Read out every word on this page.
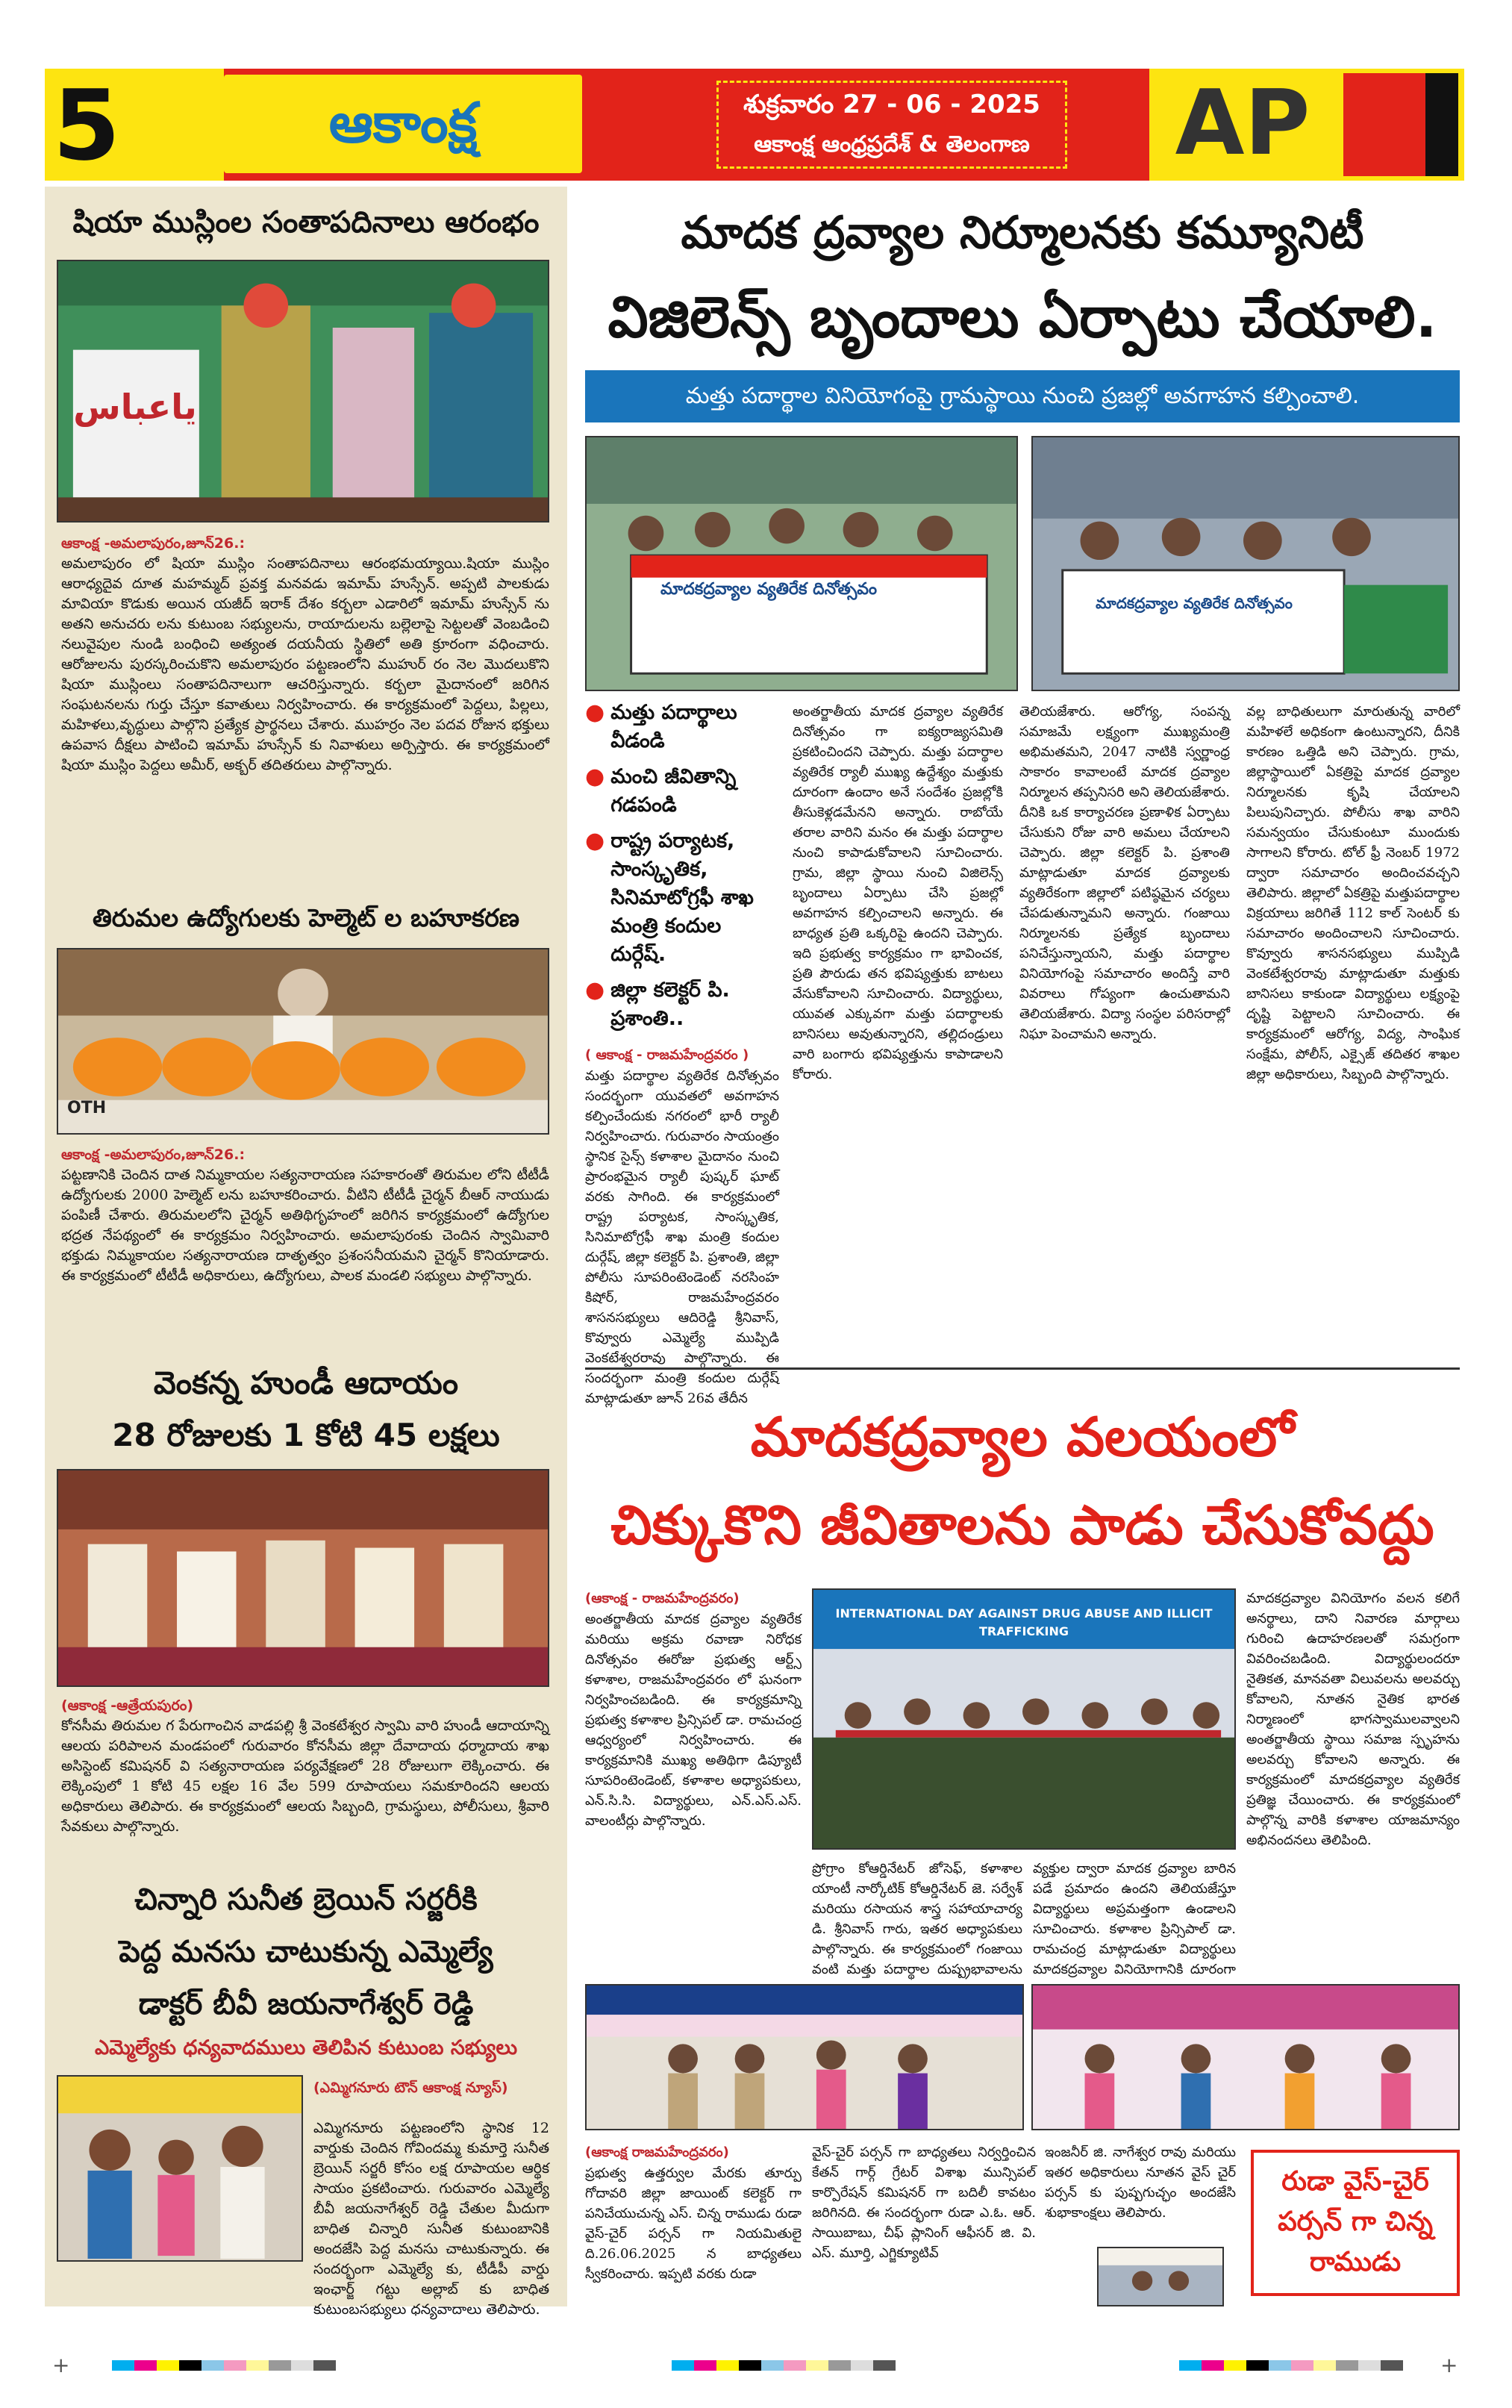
5	ఆకాంక్ష	శుక్రవారం 27 - 06 - 2025
ఆకాంక్ష ఆంధ్రప్రదేశ్ & తెలంగాణ	AP
షియా ముస్లింల సంతాపదినాలు ఆరంభం
یاعباس
ఆకాంక్ష -అమలాపురం,జూన్26.:
అమలాపురం లో షియా ముస్లిం సంతాపదినాలు ఆరంభమయ్యాయి.షియా ముస్లిం ఆరాధ్యదైవ దూత మహమ్మద్ ప్రవక్త మనవడు ఇమామ్ హుస్సేన్. అప్పటి పాలకుడు మావియా కొడుకు అయిన యజీద్ ఇరాక్ దేశం కర్బలా ఎడారిలో ఇమామ్ హుస్సేన్ ను అతని అనుచరు లను కుటుంబ సభ్యులను, రాయాదులను బల్లెలాపై సెట్టలతో వెంబడించి నలువైపుల నుండి బంధించి అత్యంత దయనీయ స్థితిలో అతి క్రూరంగా వధించారు. ఆరోజులను పురస్కరించుకొని అమలాపురం పట్టణంలోని ముహుర్ రం నెల మొదలుకొని షియా ముస్లింలు సంతాపదినాలుగా ఆచరిస్తున్నారు. కర్బలా మైదానంలో జరిగిన సంఘటనలను గుర్తు చేస్తూ కవాతులు నిర్వహించారు. ఈ కార్యక్రమంలో పెద్దలు, పిల్లలు, మహిళలు,వృద్ధులు పాల్గొని ప్రత్యేక ప్రార్థనలు చేశారు. ముహర్రం నెల పదవ రోజున భక్తులు ఉపవాస దీక్షలు పాటించి ఇమామ్ హుస్సేన్ కు నివాళులు అర్పిస్తారు. ఈ కార్యక్రమంలో షియా ముస్లిం పెద్దలు అమీర్, అక్బర్ తదితరులు పాల్గొన్నారు.
తిరుమల ఉద్యోగులకు హెల్మెట్ ల బహూకరణ
OTH
ఆకాంక్ష -అమలాపురం,జూన్26.:
పట్టణానికి చెందిన దాత నిమ్మకాయల సత్యనారాయణ సహకారంతో తిరుమల లోని టీటీడీ ఉద్యోగులకు 2000 హెల్మెట్ లను బహూకరించారు. వీటిని టీటీడీ చైర్మన్ బీఆర్ నాయుడు పంపిణీ చేశారు. తిరుమలలోని చైర్మన్ అతిథిగృహంలో జరిగిన కార్యక్రమంలో ఉద్యోగుల భద్రత నేపథ్యంలో ఈ కార్యక్రమం నిర్వహించారు. అమలాపురంకు చెందిన స్వామివారి భక్తుడు నిమ్మకాయల సత్యనారాయణ దాతృత్వం ప్రశంసనీయమని చైర్మన్ కొనియాడారు. ఈ కార్యక్రమంలో టీటీడీ అధికారులు, ఉద్యోగులు, పాలక మండలి సభ్యులు పాల్గొన్నారు.
వెంకన్న హుండీ ఆదాయం
28 రోజులకు 1 కోటి 45 లక్షలు
(ఆకాంక్ష -ఆత్రేయపురం)
కోనసీమ తిరుమల గ పేరుగాంచిన వాడపల్లి శ్రీ వెంకటేశ్వర స్వామి వారి హుండీ ఆదాయాన్ని ఆలయ పరిపాలన మండపంలో గురువారం కోనసీమ జిల్లా దేవాదాయ ధర్మాదాయ శాఖ అసిస్టెంట్ కమిషనర్ వి సత్యనారాయణ పర్యవేక్షణలో 28 రోజులుగా లెక్కించారు. ఈ లెక్కింపులో 1 కోటి 45 లక్షల 16 వేల 599 రూపాయలు సమకూరిందని ఆలయ అధికారులు తెలిపారు. ఈ కార్యక్రమంలో ఆలయ సిబ్బంది, గ్రామస్థులు, పోలీసులు, శ్రీవారి సేవకులు పాల్గొన్నారు.
చిన్నారి సునీత బ్రెయిన్ సర్జరీకి
పెద్ద మనసు చాటుకున్న ఎమ్మెల్యే
డాక్టర్ బీవీ జయనాగేశ్వర్ రెడ్డి
ఎమ్మెల్యేకు ధన్యవాదములు తెలిపిన కుటుంబ సభ్యులు
(ఎమ్మిగనూరు టౌన్ ఆకాంక్ష న్యూస్)
ఎమ్మిగనూరు పట్టణంలోని స్థానిక 12 వార్డుకు చెందిన గోవిందమ్మ కుమార్తె సునీత బ్రెయిన్ సర్జరీ కోసం లక్ష రూపాయల ఆర్థిక సాయం ప్రకటించారు. గురువారం ఎమ్మెల్యే బీవీ జయనాగేశ్వర్ రెడ్డి చేతుల మీదుగా బాధిత చిన్నారి సునీత కుటుంబానికి అందజేసి పెద్ద మనసు చాటుకున్నారు. ఈ సందర్భంగా ఎమ్మెల్యే కు, టీడీపీ వార్డు ఇంఛార్జ్ గట్టు అల్లాబ్ కు బాధిత కుటుంబసభ్యులు ధన్యవాదాలు తెలిపారు.
మాదక ద్రవ్యాల నిర్మూలనకు కమ్యూనిటీ
విజిలెన్స్ బృందాలు ఏర్పాటు చేయాలి.
మత్తు పదార్థాల వినియోగంపై గ్రామస్థాయి నుంచి ప్రజల్లో అవగాహన కల్పించాలి.
మాదకద్రవ్యాల వ్యతిరేక దినోత్సవం
మాదకద్రవ్యాల వ్యతిరేక దినోత్సవం
● మత్తు పదార్థాలు వీడండి
● మంచి జీవితాన్ని గడపండి
● రాష్ట్ర పర్యాటక, సాంస్కృతిక, సినిమాటోగ్రఫీ శాఖ మంత్రి కందుల దుర్గేష్.
● జిల్లా కలెక్టర్ పి. ప్రశాంతి..
( ఆకాంక్ష - రాజమహేంద్రవరం )
మత్తు పదార్థాల వ్యతిరేక దినోత్సవం సందర్భంగా యువతలో అవగాహన కల్పించేందుకు నగరంలో భారీ ర్యాలీ నిర్వహించారు. గురువారం సాయంత్రం స్థానిక సైన్స్ కళాశాల మైదానం నుంచి ప్రారంభమైన ర్యాలీ పుష్కర్ ఘాట్ వరకు సాగింది. ఈ కార్యక్రమంలో రాష్ట్ర పర్యాటక, సాంస్కృతిక, సినిమాటోగ్రఫీ శాఖ మంత్రి కందుల దుర్గేష్, జిల్లా కలెక్టర్ పి. ప్రశాంతి, జిల్లా పోలీసు సూపరింటెండెంట్ నరసింహ కిషోర్, రాజమహేంద్రవరం శాసనసభ్యులు ఆదిరెడ్డి శ్రీనివాస్, కొవ్వూరు ఎమ్మెల్యే ముప్పిడి వెంకటేశ్వరరావు పాల్గొన్నారు. ఈ సందర్భంగా మంత్రి కందుల దుర్గేష్ మాట్లాడుతూ జూన్ 26వ తేదీన
అంతర్జాతీయ మాదక ద్రవ్యాల వ్యతిరేక దినోత్సవం గా ఐక్యరాజ్యసమితి ప్రకటించిందని చెప్పారు. మత్తు పదార్థాల వ్యతిరేక ర్యాలీ ముఖ్య ఉద్దేశ్యం మత్తుకు దూరంగా ఉందాం అనే సందేశం ప్రజల్లోకి తీసుకెళ్లడమేనని అన్నారు. రాబోయే తరాల వారిని మనం ఈ మత్తు పదార్థాల నుంచి కాపాడుకోవాలని సూచించారు. గ్రామ, జిల్లా స్థాయి నుంచి విజిలెన్స్ బృందాలు ఏర్పాటు చేసి ప్రజల్లో అవగాహన కల్పించాలని అన్నారు. ఈ బాధ్యత ప్రతి ఒక్కరిపై ఉందని చెప్పారు. ఇది ప్రభుత్వ కార్యక్రమం గా భావించక, ప్రతి పౌరుడు తన భవిష్యత్తుకు బాటలు వేసుకోవాలని సూచించారు. విద్యార్థులు, యువత ఎక్కువగా మత్తు పదార్థాలకు బానిసలు అవుతున్నారని, తల్లిదండ్రులు వారి బంగారు భవిష్యత్తును కాపాడాలని కోరారు.
తెలియజేశారు. ఆరోగ్య, సంపన్న సమాజమే లక్ష్యంగా ముఖ్యమంత్రి అభిమతమని, 2047 నాటికి స్వర్ణాంధ్ర సాకారం కావాలంటే మాదక ద్రవ్యాల నిర్మూలన తప్పనిసరి అని తెలియజేశారు. దీనికి ఒక కార్యాచరణ ప్రణాళిక ఏర్పాటు చేసుకుని రోజు వారి అమలు చేయాలని చెప్పారు. జిల్లా కలెక్టర్ పి. ప్రశాంతి మాట్లాడుతూ మాదక ద్రవ్యాలకు వ్యతిరేకంగా జిల్లాలో పటిష్ఠమైన చర్యలు చేపడుతున్నామని అన్నారు. గంజాయి నిర్మూలనకు ప్రత్యేక బృందాలు పనిచేస్తున్నాయని, మత్తు పదార్థాల వినియోగంపై సమాచారం అందిస్తే వారి వివరాలు గోప్యంగా ఉంచుతామని తెలియజేశారు. విద్యా సంస్థల పరిసరాల్లో నిఘా పెంచామని అన్నారు.
వల్ల బాధితులుగా మారుతున్న వారిలో మహిళలే అధికంగా ఉంటున్నారని, దీనికి కారణం ఒత్తిడి అని చెప్పారు. గ్రామ, జిల్లాస్థాయిలో ఏకత్రిపై మాదక ద్రవ్యాల నిర్మూలనకు కృషి చేయాలని పిలుపునిచ్చారు. పోలీసు శాఖ వారిని సమన్వయం చేసుకుంటూ ముందుకు సాగాలని కోరారు. టోల్ ఫ్రీ నెంబర్ 1972 ద్వారా సమాచారం అందించవచ్చని తెలిపారు. జిల్లాలో ఏకత్రిపై మత్తుపదార్థాల విక్రయాలు జరిగితే 112 కాల్ సెంటర్ కు సమాచారం అందించాలని సూచించారు. కొవ్వూరు శాసనసభ్యులు ముప్పిడి వెంకటేశ్వరరావు మాట్లాడుతూ మత్తుకు బానిసలు కాకుండా విద్యార్థులు లక్ష్యంపై దృష్టి పెట్టాలని సూచించారు. ఈ కార్యక్రమంలో ఆరోగ్య, విద్య, సాంఘిక సంక్షేమ, పోలీస్, ఎక్సైజ్ తదితర శాఖల జిల్లా అధికారులు, సిబ్బంది పాల్గొన్నారు.
మాదకద్రవ్యాల వలయంలో
చిక్కుకొని జీవితాలను పాడు చేసుకోవద్దు
(ఆకాంక్ష - రాజమహేంద్రవరం)
అంతర్జాతీయ మాదక ద్రవ్యాల వ్యతిరేక మరియు అక్రమ రవాణా నిరోధక దినోత్సవం ఈరోజు ప్రభుత్వ ఆర్ట్స్ కళాశాల, రాజమహేంద్రవరం లో ఘనంగా నిర్వహించబడింది. ఈ కార్యక్రమాన్ని ప్రభుత్వ కళాశాల ప్రిన్సిపల్ డా. రామచంద్ర ఆధ్వర్యంలో నిర్వహించారు. ఈ కార్యక్రమానికి ముఖ్య అతిథిగా డిప్యూటీ సూపరింటెండెంట్, కళాశాల అధ్యాపకులు, ఎన్.సి.సి. విద్యార్థులు, ఎన్.ఎస్.ఎస్. వాలంటీర్లు పాల్గొన్నారు.
INTERNATIONAL DAY AGAINST DRUG ABUSE AND ILLICIT TRAFFICKING
ప్రోగ్రాం కోఆర్డినేటర్ జోసెఫ్, కళాశాల యాంటీ నార్కోటిక్ కోఆర్డినేటర్ జె. సర్వేశ్ మరియు రసాయన శాస్త్ర సహాయాచార్య డి. శ్రీనివాస్ గారు, ఇతర అధ్యాపకులు పాల్గొన్నారు. ఈ కార్యక్రమంలో గంజాయి వంటి మత్తు పదార్థాల దుష్ప్రభావాలను
వ్యక్తుల ద్వారా మాదక ద్రవ్యాల బారిన పడే ప్రమాదం ఉందని తెలియజేస్తూ విద్యార్థులు అప్రమత్తంగా ఉండాలని సూచించారు. కళాశాల ప్రిన్సిపాల్ డా. రామచంద్ర మాట్లాడుతూ విద్యార్థులు మాదకద్రవ్యాల వినియోగానికి దూరంగా
మాదకద్రవ్యాల వినియోగం వలన కలిగే అనర్థాలు, దాని నివారణ మార్గాలు గురించి ఉదాహరణలతో సమగ్రంగా వివరించబడింది. విద్యార్థులందరూ నైతికత, మానవతా విలువలను అలవర్చు కోవాలని, నూతన నైతిక భారత నిర్మాణంలో భాగస్వాములవ్వాలని అంతర్జాతీయ స్థాయి సమాజ స్పృహను అలవర్చు కోవాలని అన్నారు. ఈ కార్యక్రమంలో మాదకద్రవ్యాల వ్యతిరేక ప్రతిజ్ఞ చేయించారు. ఈ కార్యక్రమంలో పాల్గొన్న వారికి కళాశాల యాజమాన్యం అభినందనలు తెలిపింది.
(ఆకాంక్ష రాజమహేంద్రవరం)
ప్రభుత్వ ఉత్తర్వుల మేరకు తూర్పు గోదావరి జిల్లా జాయింట్ కలెక్టర్ గా పనిచేయుచున్న ఎస్. చిన్న రాముడు రుడా వైస్-చైర్ పర్సన్ గా నియమితులై ది.26.06.2025 న బాధ్యతలు స్వీకరించారు. ఇప్పటి వరకు రుడా
వైస్-చైర్ పర్సన్ గా బాధ్యతలు నిర్వర్తించిన కేతన్ గార్గ్ గ్రేటర్ విశాఖ మున్సిపల్ కార్పొరేషన్ కమిషనర్ గా బదిలీ కావటం జరిగినది. ఈ సందర్భంగా రుడా ఎ.ఓ. ఆర్. సాయిబాబు, చీఫ్ ప్లానింగ్ ఆఫీసర్ జి. వి. ఎస్. మూర్తి, ఎగ్జిక్యూటివ్
ఇంజనీర్ జి. నాగేశ్వర రావు మరియు ఇతర అధికారులు నూతన వైస్ చైర్ పర్సన్ కు పుష్పగుచ్ఛం అందజేసి శుభాకాంక్షలు తెలిపారు.
రుడా వైస్-చైర్ పర్సన్ గా చిన్న రాముడు
+	+
